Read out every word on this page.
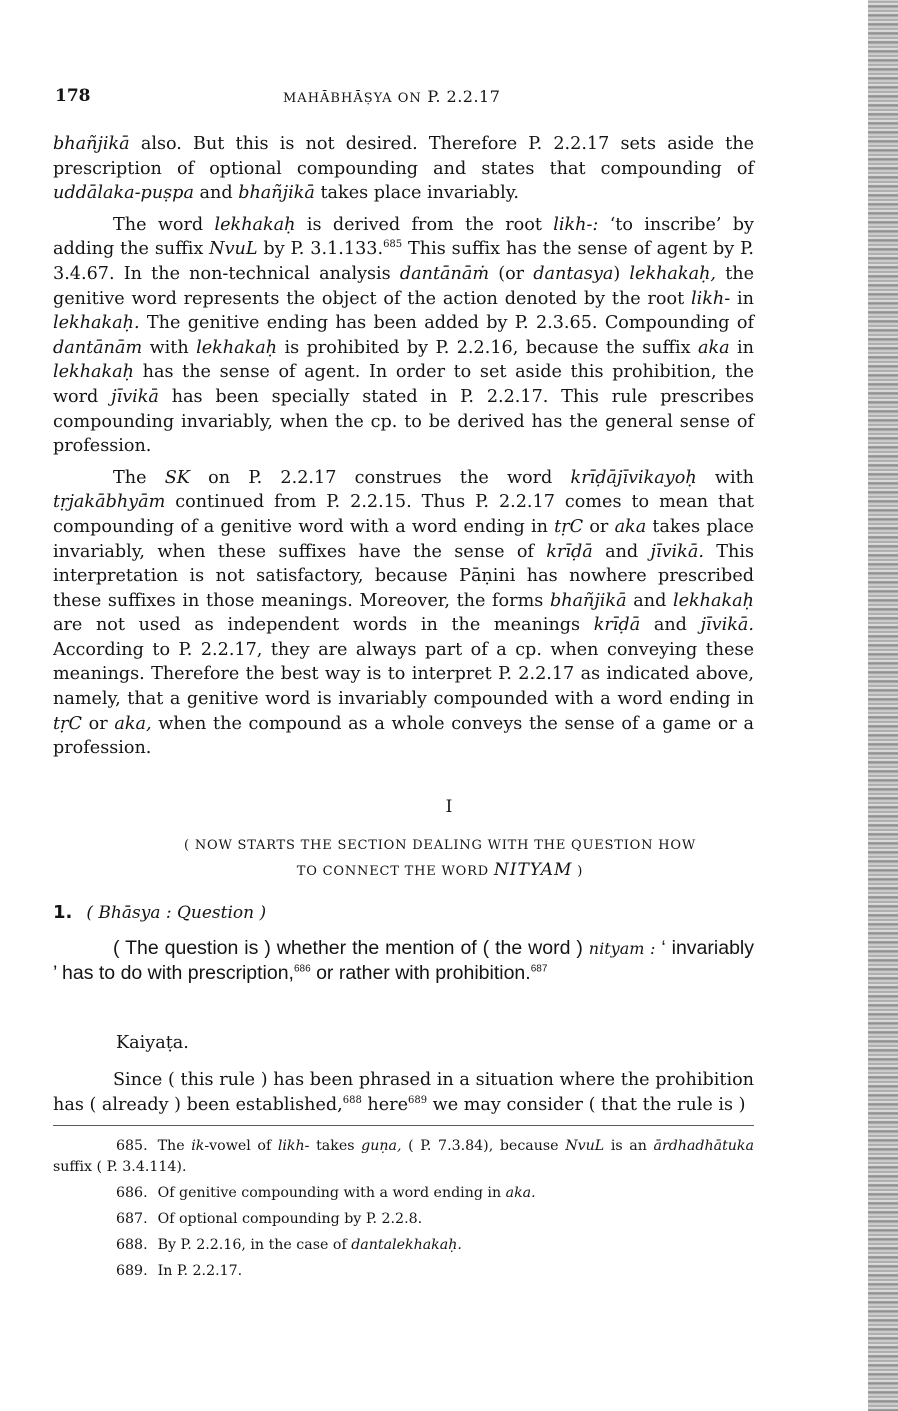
178	MAHĀBHĀṢYA ON P. 2.2.17

bhañjikā also. But this is not desired. Therefore P. 2.2.17 sets aside the prescription of optional compounding and states that compounding of uddālaka-puṣpa and bhañjikā takes place invariably.

The word lekhakaḥ is derived from the root likh-: ‘to inscribe’ by adding the suffix NvuL by P. 3.1.133.$^{685}$ This suffix has the sense of agent by P. 3.4.67. In the non-technical analysis dantānāṁ (or dantasya) lekhakaḥ, the genitive word represents the object of the action denoted by the root likh- in lekhakaḥ. The genitive ending has been added by P. 2.3.65. Compounding of dantānām with lekhakaḥ is prohibited by P. 2.2.16, because the suffix aka in lekhakaḥ has the sense of agent. In order to set aside this prohibition, the word jīvikā has been specially stated in P. 2.2.17. This rule prescribes compounding invariably, when the cp. to be derived has the general sense of profession.

The SK on P. 2.2.17 construes the word krīḍājīvikayoḥ with tṛjakābhyām continued from P. 2.2.15. Thus P. 2.2.17 comes to mean that compounding of a genitive word with a word ending in tṛC or aka takes place invariably, when these suffixes have the sense of krīḍā and jīvikā. This interpretation is not satisfactory, because Pāṇini has nowhere prescribed these suffixes in those meanings. Moreover, the forms bhañjikā and lekhakaḥ are not used as independent words in the meanings krīḍā and jīvikā. According to P. 2.2.17, they are always part of a cp. when conveying these meanings. Therefore the best way is to interpret P. 2.2.17 as indicated above, namely, that a genitive word is invariably compounded with a word ending in tṛC or aka, when the compound as a whole conveys the sense of a game or a profession.

I
( NOW STARTS THE SECTION DEALING WITH THE QUESTION HOW
TO CONNECT THE WORD NITYAM )
1. ( Bhāsya : Question )

( The question is ) whether the mention of ( the word ) nityam : ‘ invariably ’ has to do with prescription,$^{686}$ or rather with prohibition.$^{687}$

Kaiyaṭa.

Since ( this rule ) has been phrased in a situation where the prohibition has ( already ) been established,$^{688}$ here$^{689}$ we may consider ( that the rule is )

685. The ik-vowel of likh- takes guṇa, ( P. 7.3.84), because NvuL is an ārdhadhātuka suffix ( P. 3.4.114).

686. Of genitive compounding with a word ending in aka.

687. Of optional compounding by P. 2.2.8.

688. By P. 2.2.16, in the case of dantalekhakaḥ.

689. In P. 2.2.17.
